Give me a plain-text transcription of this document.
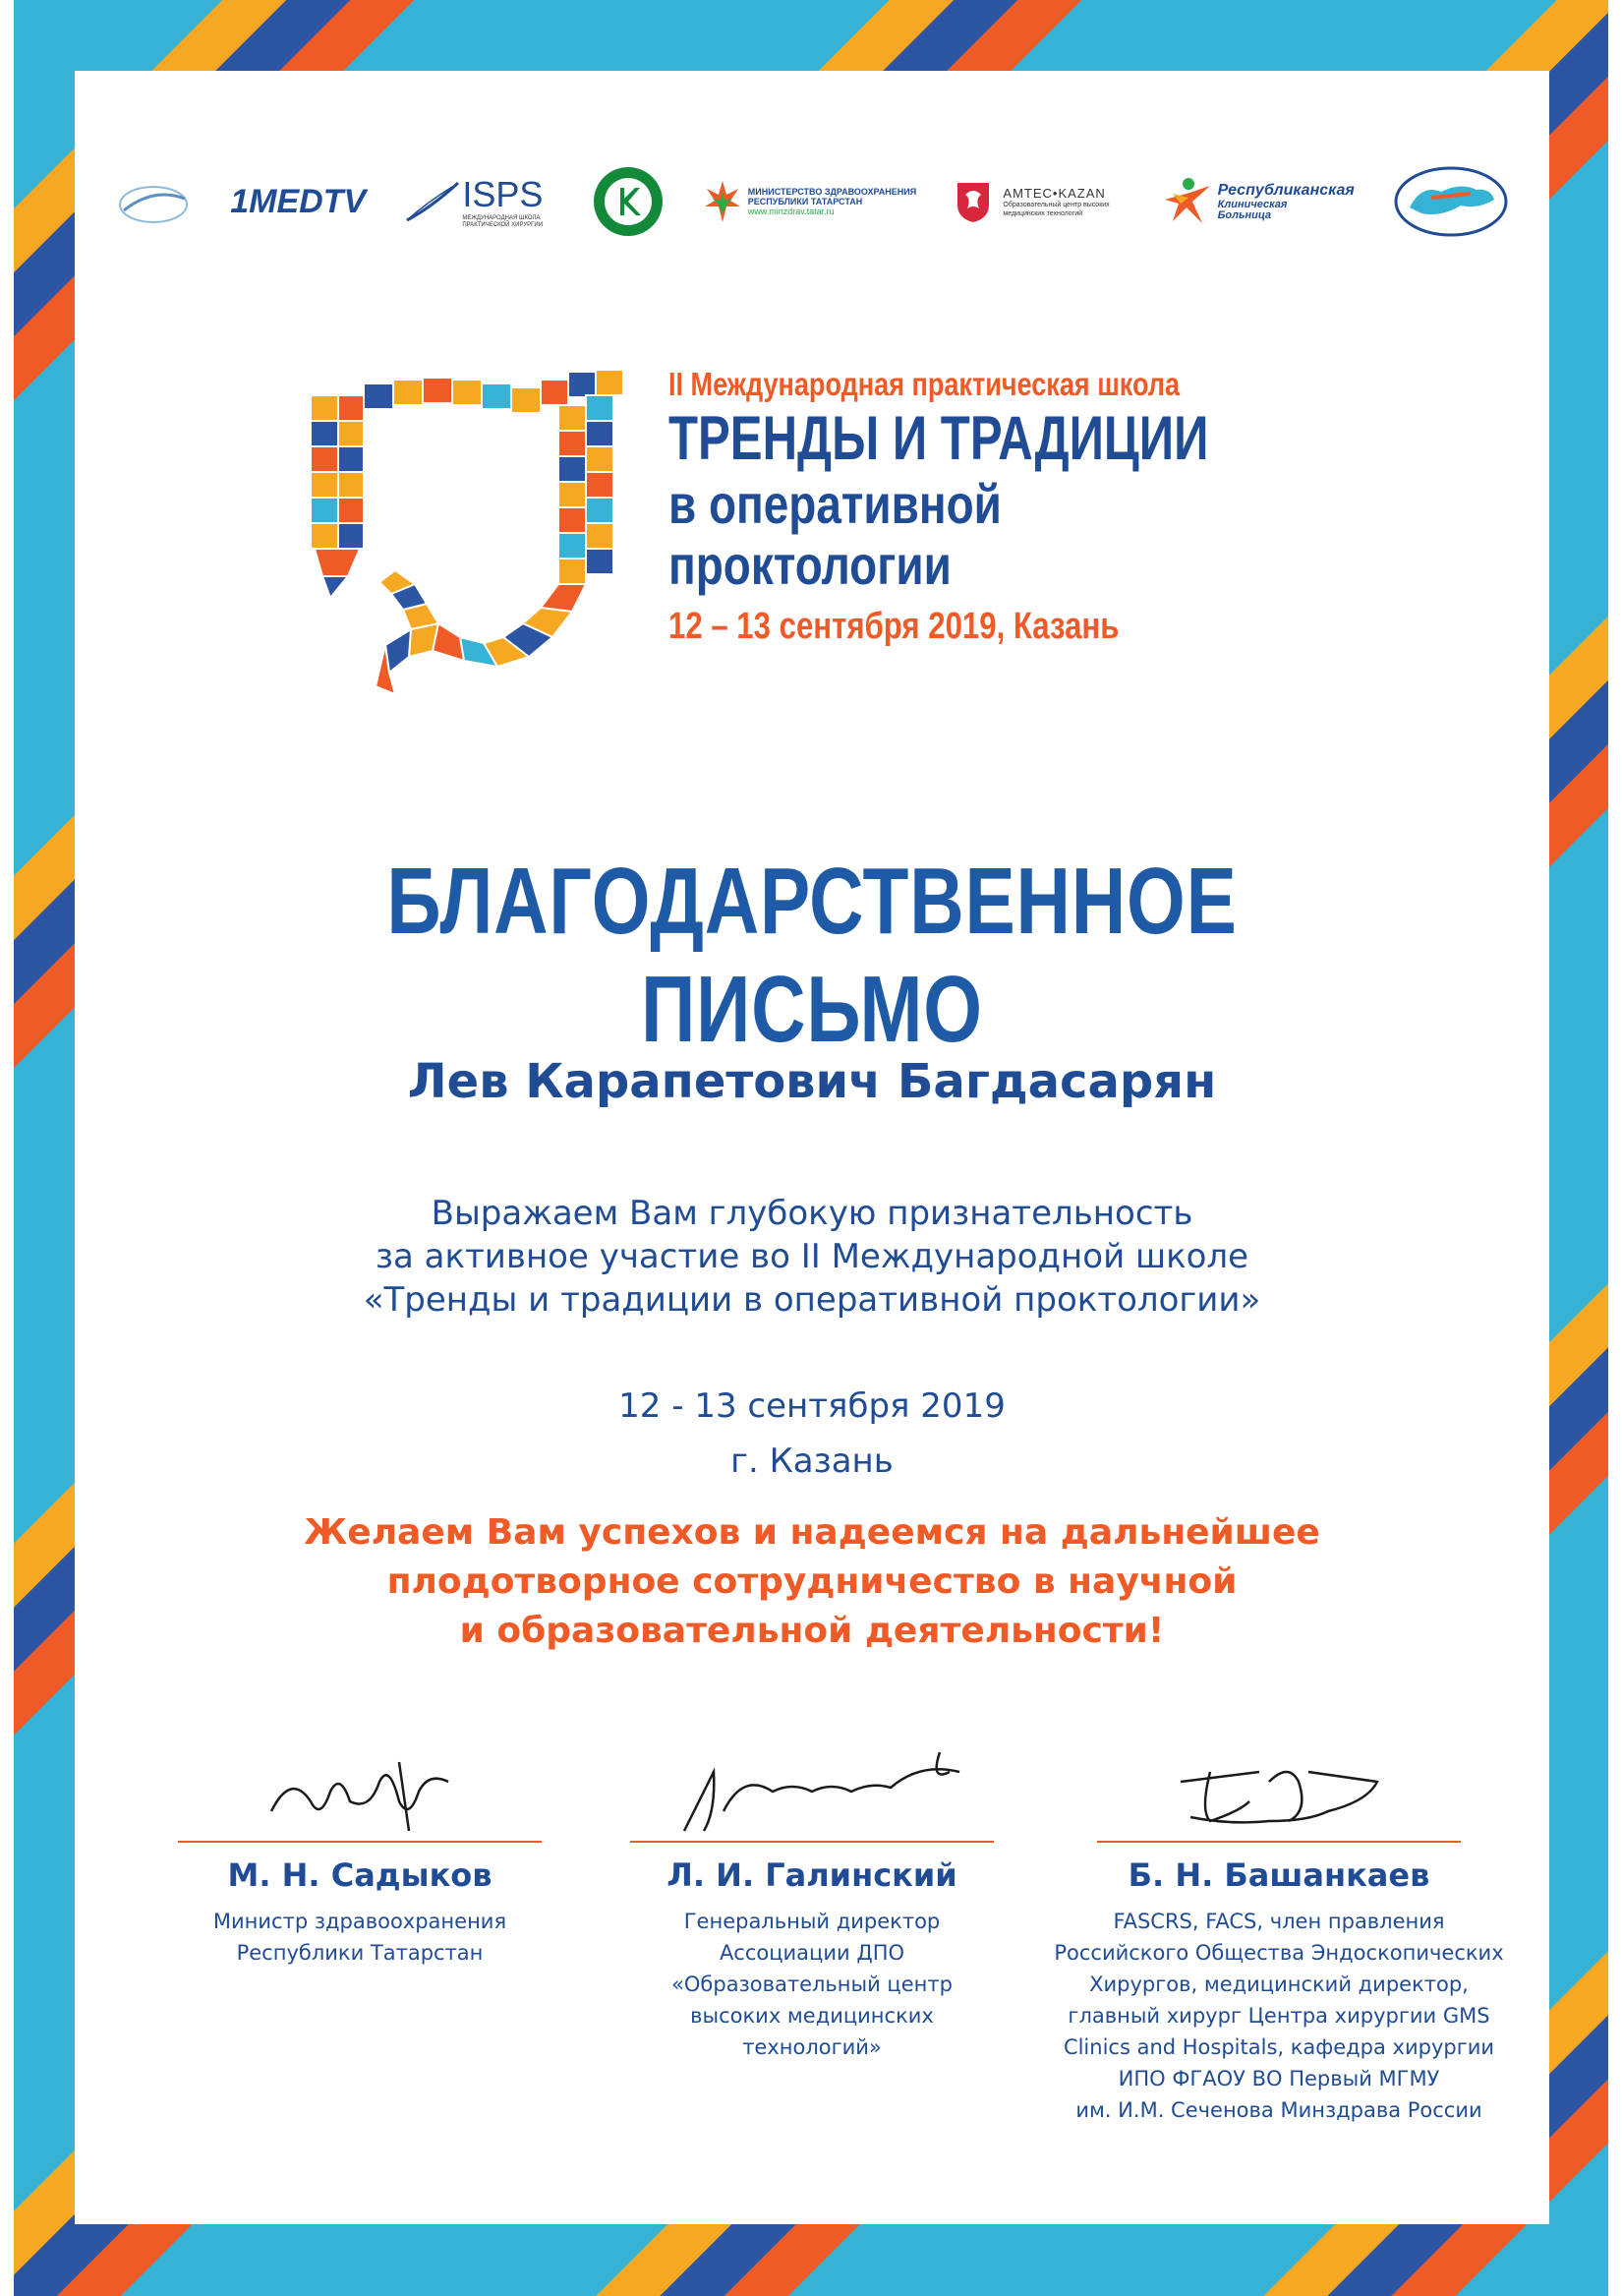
1MEDTV	ISPS
МЕЖДУНАРОДНАЯ ШКОЛА ПРАКТИЧЕСКОЙ ХИРУРГИИ
МИНИСТЕРСТВО ЗДРАВООХРАНЕНИЯ
РЕСПУБЛИКИ ТАТАРСТАН
www.minzdrav.tatar.ru
AMTEC•KAZAN
Образовательный центр высоких медицинских технологий
Республиканская
Клиническая
Больница
II Международная практическая школа
ТРЕНДЫ И ТРАДИЦИИ
в оперативной
проктологии
12 – 13 сентября 2019, Казань
БЛАГОДАРСТВЕННОЕ ПИСЬМО
Лев Карапетович Багдасарян
Выражаем Вам глубокую признательность
за активное участие во II Международной школе
«Тренды и традиции в оперативной проктологии»
12 - 13 сентября 2019
г. Казань
Желаем Вам успехов и надеемся на дальнейшее
плодотворное сотрудничество в научной
и образовательной деятельности!
М. Н. Садыков
Министр здравоохранения
Республики Татарстан
Л. И. Галинский
Генеральный директор
Ассоциации ДПО
«Образовательный центр
высоких медицинских
технологий»
Б. Н. Башанкаев
FASCRS, FACS, член правления
Российского Общества Эндоскопических
Хирургов, медицинский директор,
главный хирург Центра хирургии GMS
Clinics and Hospitals, кафедра хирургии
ИПО ФГАОУ ВО Первый МГМУ
им. И.М. Сеченова Минздрава России
